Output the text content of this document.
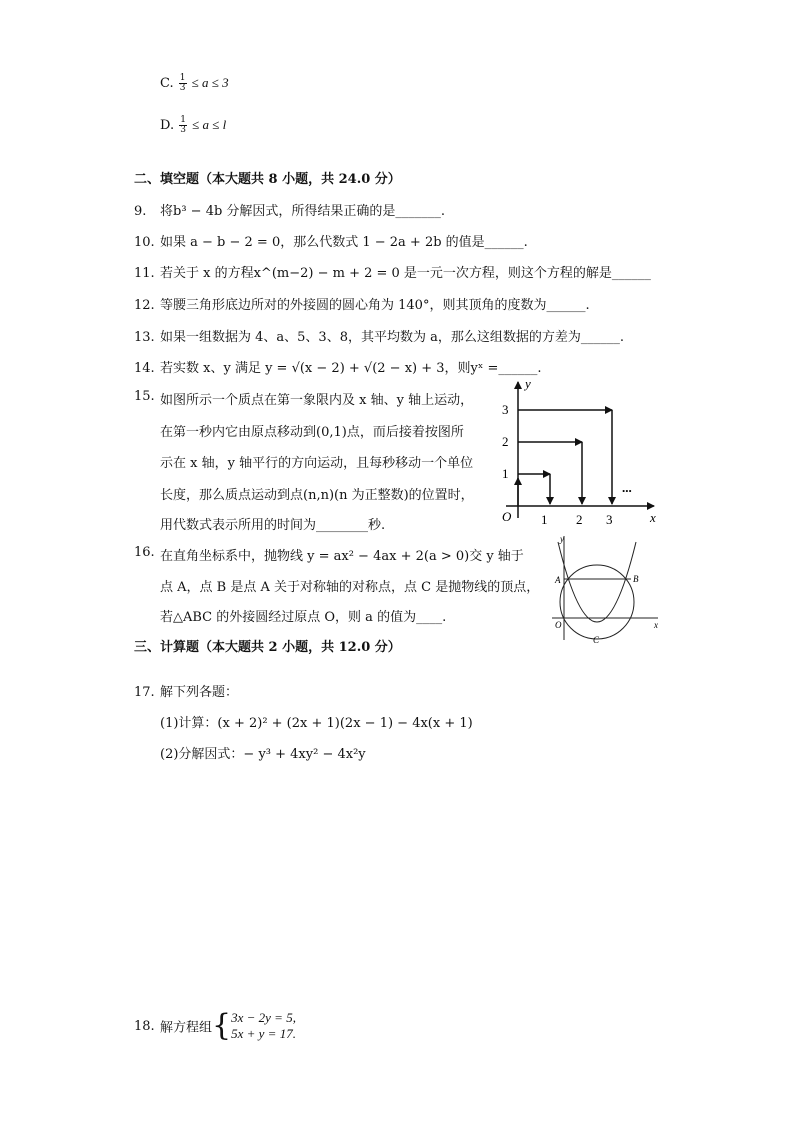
C. $\frac{1}{3} \le a \le 3$
D. $\frac{1}{3} \le a \le l$
二、填空题（本大题共 8 小题，共 24.0 分）
9. 将b³ − 4b 分解因式，所得结果正确的是_______.
10. 如果 a − b − 2 = 0，那么代数式 1 − 2a + 2b 的值是______.
11. 若关于 x 的方程x^(m−2) − m + 2 = 0 是一元一次方程，则这个方程的解是______
12. 等腰三角形底边所对的外接圆的圆心角为 140°，则其顶角的度数为______.
13. 如果一组数据为 4、a、5、3、8，其平均数为 a，那么这组数据的方差为______.
14. 若实数 x、y 满足 y = √(x − 2) + √(2 − x) + 3，则yˣ =______.
15. 如图所示一个质点在第一象限内及 x 轴、y 轴上运动，
在第一秒内它由原点移动到(0,1)点，而后接着按图所
示在 x 轴，y 轴平行的方向运动，且每秒移动一个单位
长度，那么质点运动到点(n,n)(n 为正整数)的位置时，
用代数式表示所用的时间为________秒.
y
x
O
1
2
3
1 2 3
...
16. 在直角坐标系中，抛物线 y = ax² − 4ax + 2(a > 0)交 y 轴于
点 A，点 B 是点 A 关于对称轴的对称点，点 C 是抛物线的顶点，
若△ABC 的外接圆经过原点 O，则 a 的值为____.
y
x
O
A	B
C
三、计算题（本大题共 2 小题，共 12.0 分）
17. 解下列各题：
(1)计算：(x + 2)² + (2x + 1)(2x − 1) − 4x(x + 1)
(2)分解因式：− y³ + 4xy² − 4x²y
18. 解方程组{ 3x − 2y = 5,
5x + y = 17.
